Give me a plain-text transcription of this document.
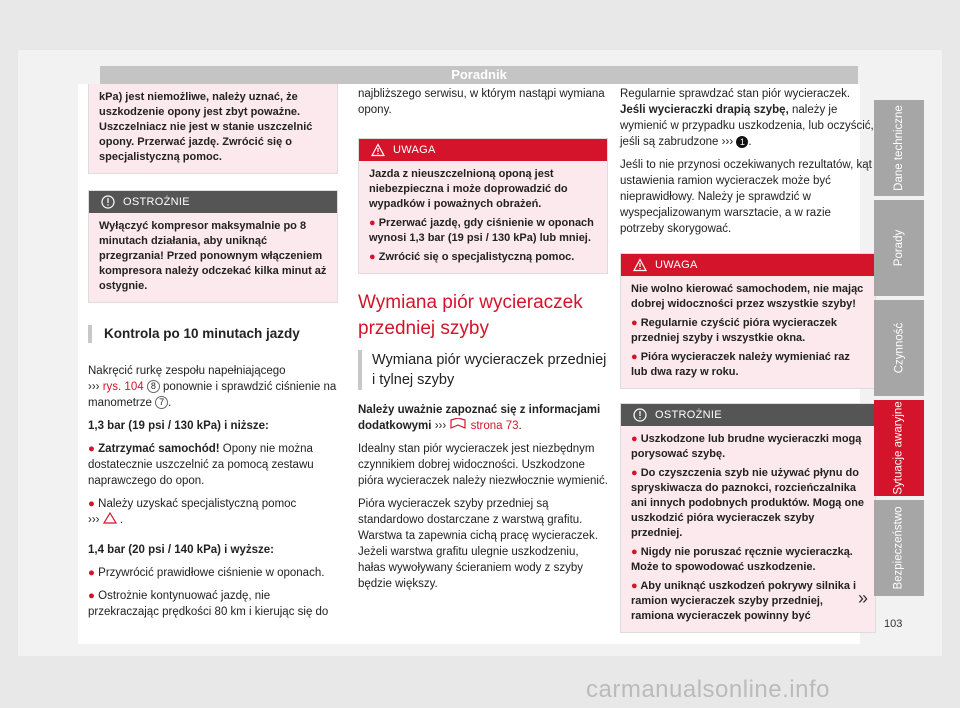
Poradnik
kPa) jest niemożliwe, należy uznać, że uszkodzenie opony jest zbyt poważne. Uszczelniacz nie jest w stanie uszczelnić opony. Przerwać jazdę. Zwrócić się o specjalistyczną pomoc.
OSTROŻNIE
Wyłączyć kompresor maksymalnie po 8 minutach działania, aby uniknąć przegrzania! Przed ponownym włączeniem kompresora należy odczekać kilka minut aż ostygnie.
Kontrola po 10 minutach jazdy

Nakręcić rurkę zespołu napełniającego
››› rys. 104 8 ponownie i sprawdzić ciśnienie na manometrze 7 .

1,3 bar (19 psi / 130 kPa) i niższe:

● Zatrzymać samochód! Opony nie można dostatecznie uszczelnić za pomocą zestawu naprawczego do opon.

● Należy uzyskać specjalistyczną pomoc
›››  .

1,4 bar (20 psi / 140 kPa) i wyższe:

● Przywrócić prawidłowe ciśnienie w oponach.

● Ostrożnie kontynuować jazdę, nie przekraczając prędkości 80 km i kierując się do

najbliższego serwisu, w którym nastąpi wymiana opony.

UWAGA

Jazda z nieuszczelnioną oponą jest niebezpieczna i może doprowadzić do wypadków i poważnych obrażeń.

● Przerwać jazdę, gdy ciśnienie w oponach wynosi 1,3 bar (19 psi / 130 kPa) lub mniej.

● Zwrócić się o specjalistyczną pomoc.

Wymiana piór wycieraczek przedniej szyby
Wymiana piór wycieraczek przedniej i tylnej szyby

Należy uważnie zapoznać się z informacjami dodatkowymi ››› strona 73.

Idealny stan piór wycieraczek jest niezbędnym czynnikiem dobrej widoczności. Uszkodzone pióra wycieraczek należy niezwłocznie wymienić.

Pióra wycieraczek szyby przedniej są standardowo dostarczane z warstwą grafitu. Warstwa ta zapewnia cichą pracę wycieraczek. Jeżeli warstwa grafitu ulegnie uszkodzeniu, hałas wywoływany ścieraniem wody z szyby będzie większy.

Regularnie sprawdzać stan piór wycieraczek. Jeśli wycieraczki drapią szybę, należy je wymienić w przypadku uszkodzenia, lub oczyścić, jeśli są zabrudzone ››› 1 .

Jeśli to nie przynosi oczekiwanych rezultatów, kąt ustawienia ramion wycieraczek może być nieprawidłowy. Należy je sprawdzić w wyspecjalizowanym warsztacie, a w razie potrzeby skorygować.

UWAGA

Nie wolno kierować samochodem, nie mając dobrej widoczności przez wszystkie szyby!

● Regularnie czyścić pióra wycieraczek przedniej szyby i wszystkie okna.

● Pióra wycieraczek należy wymieniać raz lub dwa razy w roku.

OSTROŻNIE

● Uszkodzone lub brudne wycieraczki mogą porysować szybę.

● Do czyszczenia szyb nie używać płynu do spryskiwacza do paznokci, rozcieńczalnika ani innych podobnych produktów. Mogą one uszkodzić pióra wycieraczek szyby przedniej.

● Nigdy nie poruszać ręcznie wycieraczką. Może to spowodować uszkodzenie.

● Aby uniknąć uszkodzeń pokrywy silnika i ramion wycieraczek szyby przedniej, ramiona wycieraczek powinny być

»
Dane techniczne
Porady
Czynność
Sytuacje awaryjne
Bezpieczeństwo
103
carmanualsonline.info
